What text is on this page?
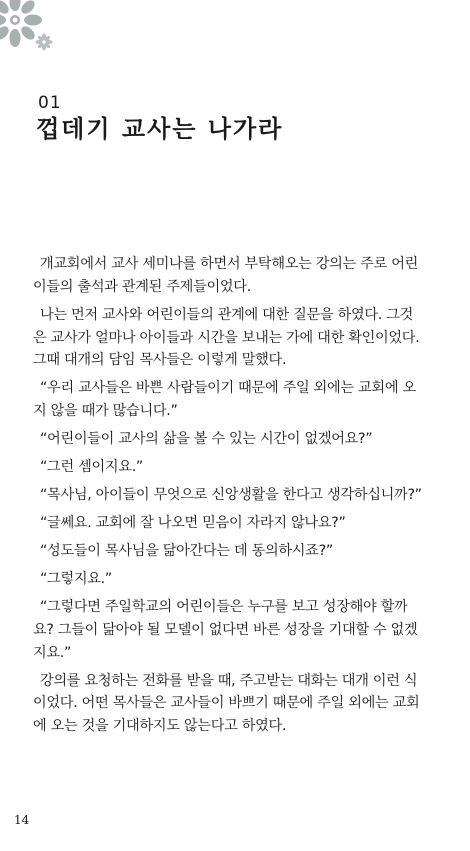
01
껍데기 교사는 나가라

개교회에서 교사 세미나를 하면서 부탁해오는 강의는 주로 어린

이들의 출석과 관계된 주제들이었다.

나는 먼저 교사와 어린이들의 관계에 대한 질문을 하였다. 그것

은 교사가 얼마나 아이들과 시간을 보내는 가에 대한 확인이었다.

그때 대개의 담임 목사들은 이렇게 말했다.

“우리 교사들은 바쁜 사람들이기 때문에 주일 외에는 교회에 오

지 않을 때가 많습니다.”

“어린이들이 교사의 삶을 볼 수 있는 시간이 없겠어요?”

“그런 셈이지요.”

“목사님, 아이들이 무엇으로 신앙생활을 한다고 생각하십니까?”

“글쎄요. 교회에 잘 나오면 믿음이 자라지 않나요?”

“성도들이 목사님을 닮아간다는 데 동의하시죠?”

“그렇지요.”

“그렇다면 주일학교의 어린이들은 누구를 보고 성장해야 할까

요? 그들이 닮아야 될 모델이 없다면 바른 성장을 기대할 수 없겠

지요.”

강의를 요청하는 전화를 받을 때, 주고받는 대화는 대개 이런 식

이었다. 어떤 목사들은 교사들이 바쁘기 때문에 주일 외에는 교회

에 오는 것을 기대하지도 않는다고 하였다.

14
